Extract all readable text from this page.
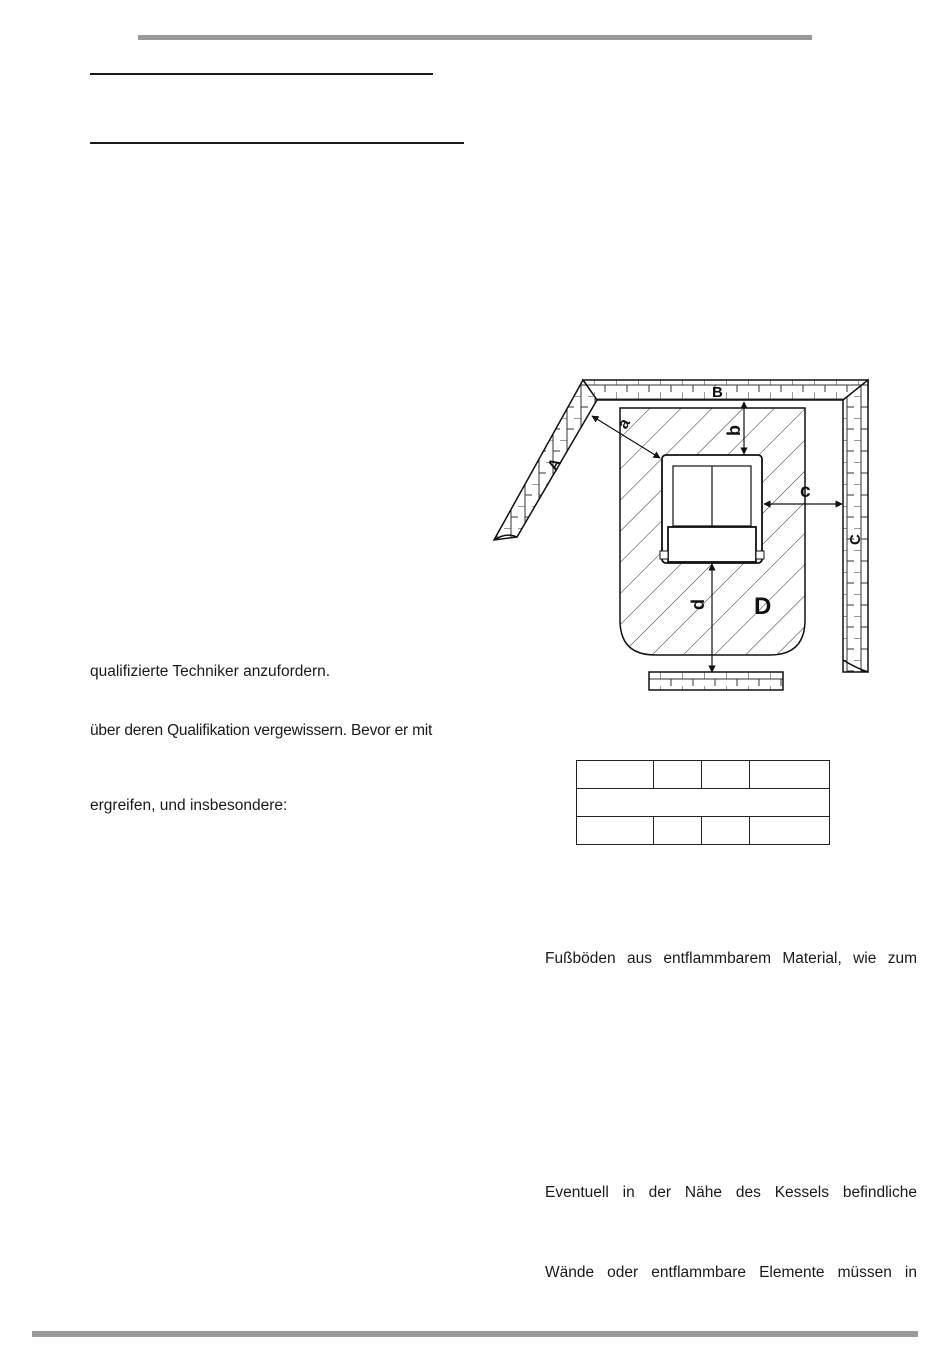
B
A
C
D
a	b
c
d

qualifizierte Techniker anzufordern.
über deren Qualifikation vergewissern. Bevor er mit
ergreifen, und insbesondere:
Fußböden aus entflammbarem Material, wie zum
Eventuell in der Nähe des Kessels befindliche
Wände oder entflammbare Elemente müssen in
